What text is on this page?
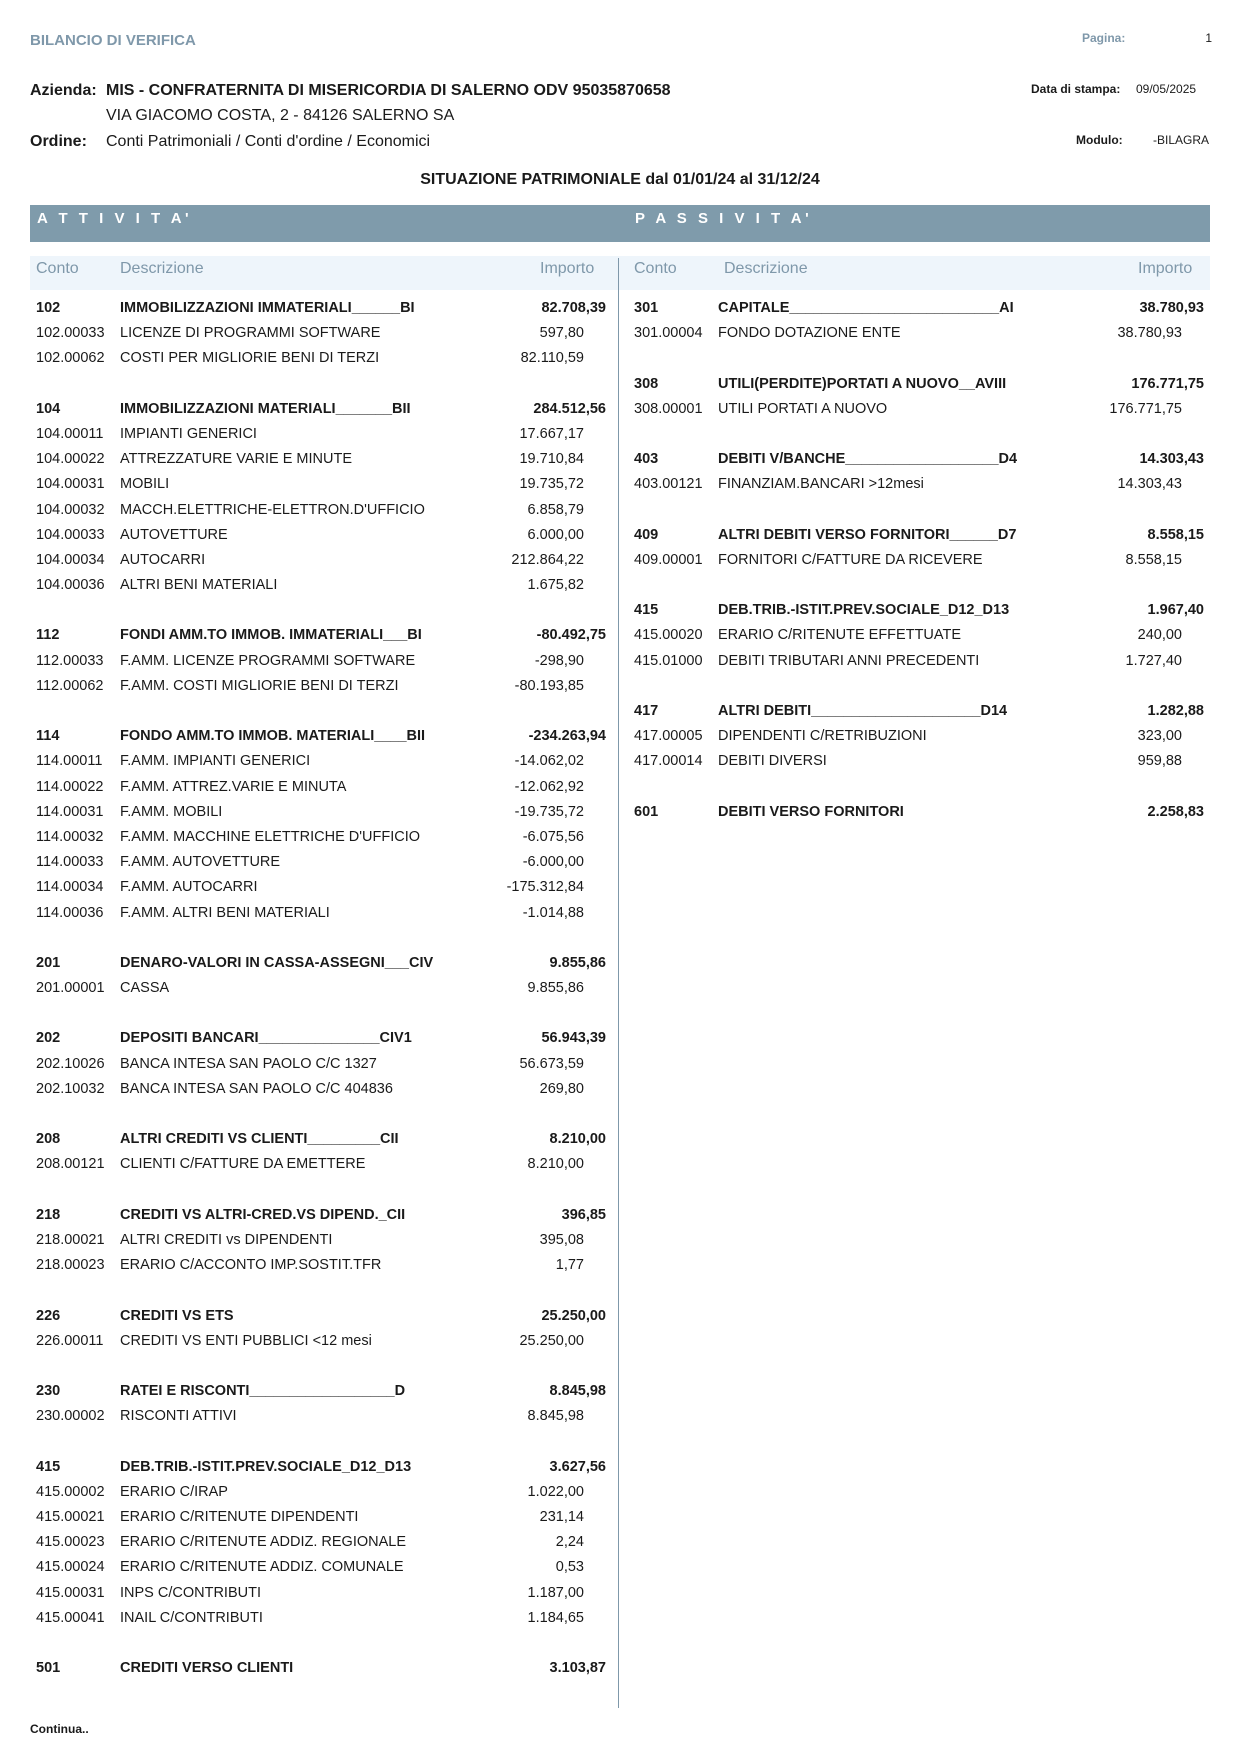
BILANCIO DI VERIFICA	Pagina:	1
Azienda: MIS - CONFRATERNITA DI MISERICORDIA DI SALERNO ODV 95035870658
VIA GIACOMO COSTA, 2 - 84126 SALERNO SA
Ordine: Conti Patrimoniali / Conti d'ordine / Economici
Data di stampa: 09/05/2025
Modulo:	-BILAGRA
SITUAZIONE PATRIMONIALE dal 01/01/24 al 31/12/24
A T T I V I T A'	P A S S I V I T A'
Conto	Descrizione	Importo Conto	Descrizione	Importo
102	IMMOBILIZZAZIONI IMMATERIALI______BI	82.708,39
102.00033 LICENZE DI PROGRAMMI SOFTWARE	597,80
102.00062 COSTI PER MIGLIORIE BENI DI TERZI	82.110,59
104	IMMOBILIZZAZIONI MATERIALI_______BII	284.512,56
104.00011 IMPIANTI GENERICI	17.667,17
104.00022 ATTREZZATURE VARIE E MINUTE	19.710,84
104.00031 MOBILI	19.735,72
104.00032 MACCH.ELETTRICHE-ELETTRON.D'UFFICIO	6.858,79
104.00033 AUTOVETTURE	6.000,00
104.00034 AUTOCARRI	212.864,22
104.00036 ALTRI BENI MATERIALI	1.675,82
112	FONDI AMM.TO IMMOB. IMMATERIALI___BI	-80.492,75
112.00033 F.AMM. LICENZE PROGRAMMI SOFTWARE	-298,90
112.00062 F.AMM. COSTI MIGLIORIE BENI DI TERZI	-80.193,85
114	FONDO AMM.TO IMMOB. MATERIALI____BII	-234.263,94
114.00011 F.AMM. IMPIANTI GENERICI	-14.062,02
114.00022 F.AMM. ATTREZ.VARIE E MINUTA	-12.062,92
114.00031 F.AMM. MOBILI	-19.735,72
114.00032 F.AMM. MACCHINE ELETTRICHE D'UFFICIO	-6.075,56
114.00033 F.AMM. AUTOVETTURE	-6.000,00
114.00034 F.AMM. AUTOCARRI	-175.312,84
114.00036 F.AMM. ALTRI BENI MATERIALI	-1.014,88
201	DENARO-VALORI IN CASSA-ASSEGNI___CIV	9.855,86
201.00001 CASSA	9.855,86
202	DEPOSITI BANCARI_______________CIV1	56.943,39
202.10026 BANCA INTESA SAN PAOLO C/C 1327	56.673,59
202.10032 BANCA INTESA SAN PAOLO C/C 404836	269,80
208	ALTRI CREDITI VS CLIENTI_________CII	8.210,00
208.00121 CLIENTI C/FATTURE DA EMETTERE	8.210,00
218	CREDITI VS ALTRI-CRED.VS DIPEND._CII	396,85
218.00021 ALTRI CREDITI vs DIPENDENTI	395,08
218.00023 ERARIO C/ACCONTO IMP.SOSTIT.TFR	1,77
226	CREDITI VS ETS	25.250,00
226.00011 CREDITI VS ENTI PUBBLICI <12 mesi	25.250,00
230	RATEI E RISCONTI__________________D	8.845,98
230.00002 RISCONTI ATTIVI	8.845,98
415	DEB.TRIB.-ISTIT.PREV.SOCIALE_D12_D13	3.627,56
415.00002 ERARIO C/IRAP	1.022,00
415.00021 ERARIO C/RITENUTE DIPENDENTI	231,14
415.00023 ERARIO C/RITENUTE ADDIZ. REGIONALE	2,24
415.00024 ERARIO C/RITENUTE ADDIZ. COMUNALE	0,53
415.00031 INPS C/CONTRIBUTI	1.187,00
415.00041 INAIL C/CONTRIBUTI	1.184,65
501	CREDITI VERSO CLIENTI	3.103,87
301	CAPITALE__________________________AI	38.780,93
301.00004 FONDO DOTAZIONE ENTE	38.780,93
308	UTILI(PERDITE)PORTATI A NUOVO__AVIII	176.771,75
308.00001 UTILI PORTATI A NUOVO	176.771,75
403	DEBITI V/BANCHE___________________D4	14.303,43
403.00121 FINANZIAM.BANCARI >12mesi	14.303,43
409	ALTRI DEBITI VERSO FORNITORI______D7	8.558,15
409.00001 FORNITORI C/FATTURE DA RICEVERE	8.558,15
415	DEB.TRIB.-ISTIT.PREV.SOCIALE_D12_D13	1.967,40
415.00020 ERARIO C/RITENUTE EFFETTUATE	240,00
415.01000 DEBITI TRIBUTARI ANNI PRECEDENTI	1.727,40
417	ALTRI DEBITI_____________________D14	1.282,88
417.00005 DIPENDENTI C/RETRIBUZIONI	323,00
417.00014 DEBITI DIVERSI	959,88
601	DEBITI VERSO FORNITORI	2.258,83
Continua..
